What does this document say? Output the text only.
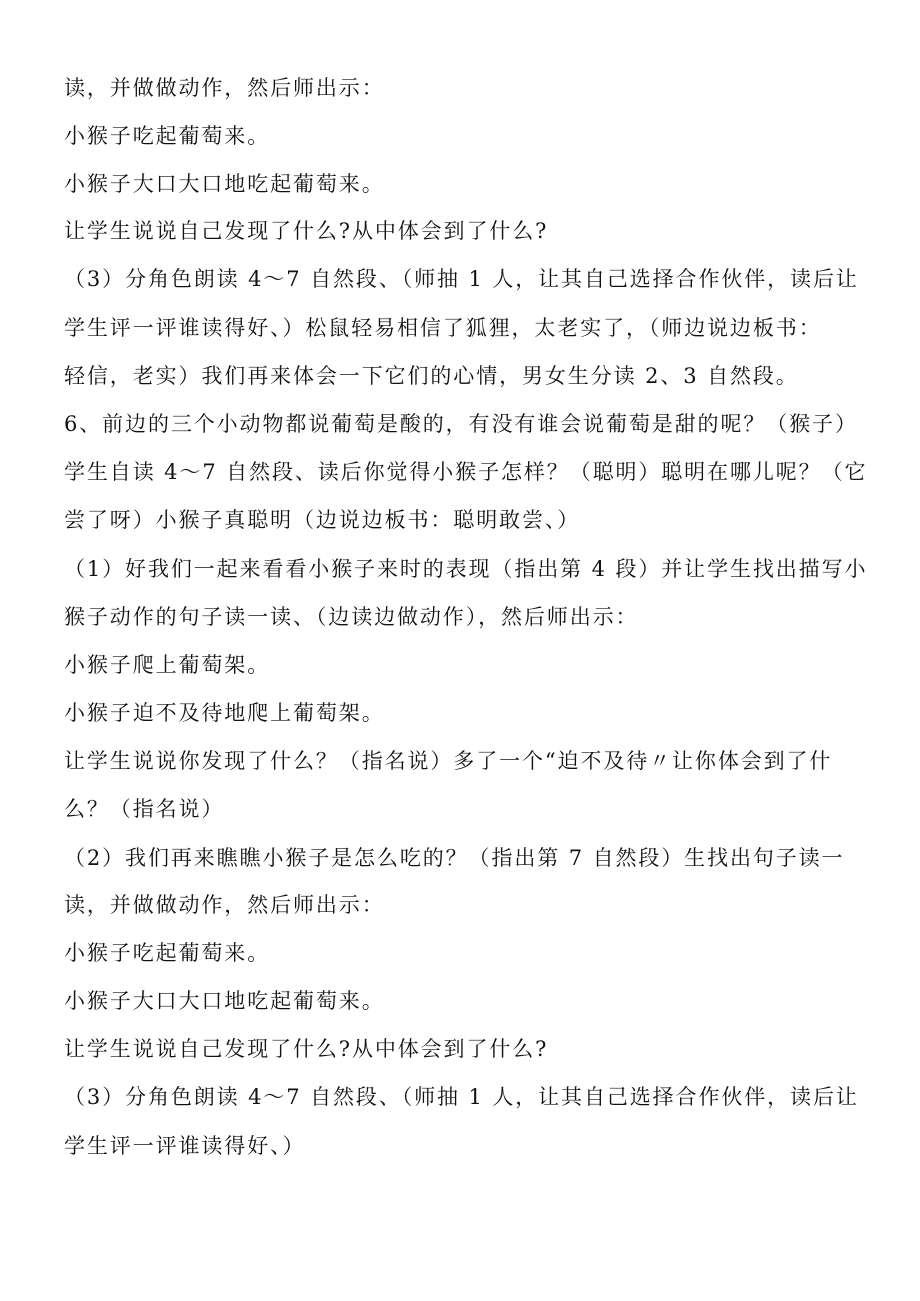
读，并做做动作，然后师出示：
小猴子吃起葡萄来。
小猴子大口大口地吃起葡萄来。
让学生说说自己发现了什么?从中体会到了什么?
（3）分角色朗读 4～7 自然段、（师抽 1 人，让其自己选择合作伙伴，读后让
学生评一评谁读得好、）松鼠轻易相信了狐狸，太老实了，（师边说边板书：
轻信，老实）我们再来体会一下它们的心情，男女生分读 2、3 自然段。
6、前边的三个小动物都说葡萄是酸的，有没有谁会说葡萄是甜的呢？（猴子）
学生自读 4～7 自然段、读后你觉得小猴子怎样？（聪明）聪明在哪儿呢？（它
尝了呀）小猴子真聪明（边说边板书：聪明敢尝、）
（1）好我们一起来看看小猴子来时的表现（指出第 4 段）并让学生找出描写小
猴子动作的句子读一读、（边读边做动作），然后师出示：
小猴子爬上葡萄架。
小猴子迫不及待地爬上葡萄架。
让学生说说你发现了什么？（指名说）多了一个“迫不及待〃让你体会到了什
么？（指名说）
（2）我们再来瞧瞧小猴子是怎么吃的？（指出第 7 自然段）生找出句子读一
读，并做做动作，然后师出示：
小猴子吃起葡萄来。
小猴子大口大口地吃起葡萄来。
让学生说说自己发现了什么?从中体会到了什么?
（3）分角色朗读 4～7 自然段、（师抽 1 人，让其自己选择合作伙伴，读后让
学生评一评谁读得好、）
